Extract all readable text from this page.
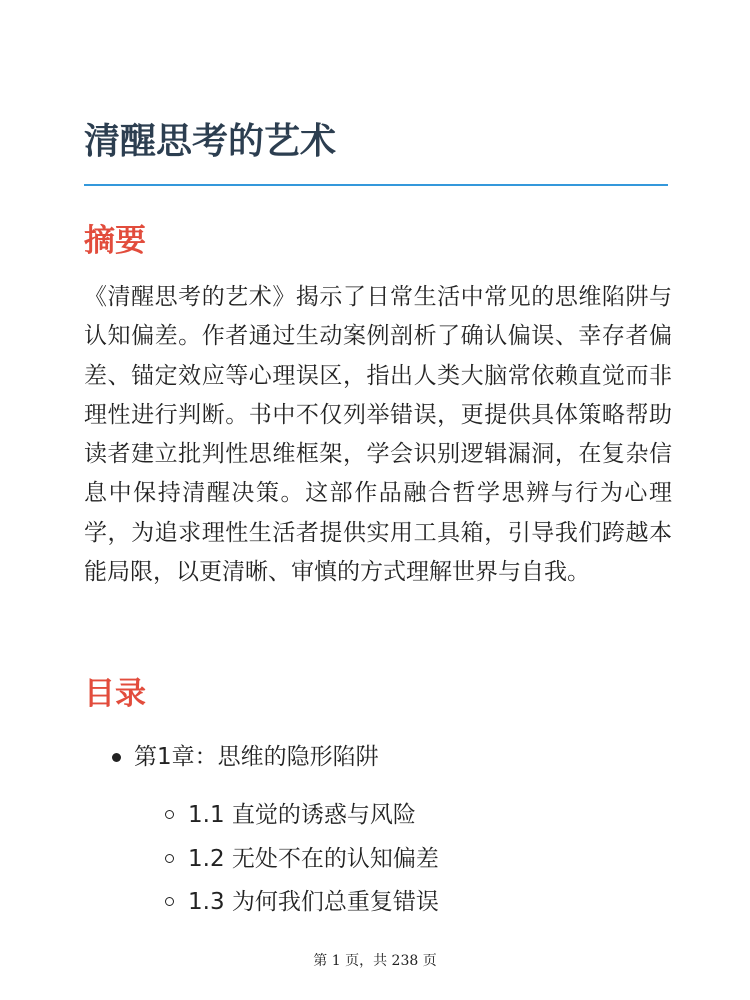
清醒思考的艺术
摘要

《清醒思考的艺术》揭示了日常生活中常见的思维陷阱与认知偏差。作者通过生动案例剖析了确认偏误、幸存者偏差、锚定效应等心理误区，指出人类大脑常依赖直觉而非理性进行判断。书中不仅列举错误，更提供具体策略帮助读者建立批判性思维框架，学会识别逻辑漏洞，在复杂信息中保持清醒决策。这部作品融合哲学思辨与行为心理学，为追求理性生活者提供实用工具箱，引导我们跨越本能局限，以更清晰、审慎的方式理解世界与自我。

目录
第1章：思维的隐形陷阱
1.1 直觉的诱惑与风险
1.2 无处不在的认知偏差
1.3 为何我们总重复错误
第 1 页，共 238 页
